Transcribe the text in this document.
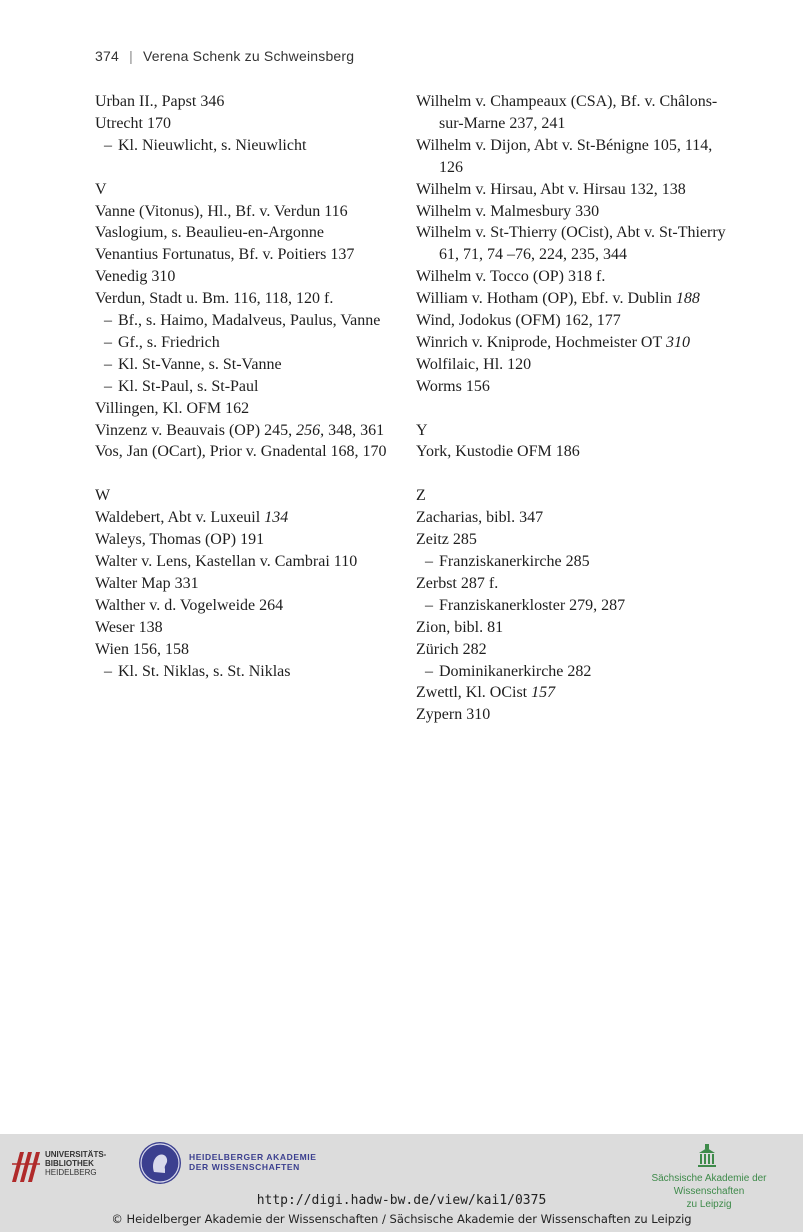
374 | Verena Schenk zu Schweinsberg
Urban II., Papst 346
Utrecht 170
– Kl. Nieuwlicht, s. Nieuwlicht
V
Vanne (Vitonus), Hl., Bf. v. Verdun 116
Vaslogium, s. Beaulieu-en-Argonne
Venantius Fortunatus, Bf. v. Poitiers 137
Venedig 310
Verdun, Stadt u. Bm. 116, 118, 120 f.
– Bf., s. Haimo, Madalveus, Paulus, Vanne
– Gf., s. Friedrich
– Kl. St-Vanne, s. St-Vanne
– Kl. St-Paul, s. St-Paul
Villingen, Kl. OFM 162
Vinzenz v. Beauvais (OP) 245, 256, 348, 361
Vos, Jan (OCart), Prior v. Gnadental 168, 170
W
Waldebert, Abt v. Luxeuil 134
Waleys, Thomas (OP) 191
Walter v. Lens, Kastellan v. Cambrai 110
Walter Map 331
Walther v. d. Vogelweide 264
Weser 138
Wien 156, 158
– Kl. St. Niklas, s. St. Niklas
Wilhelm v. Champeaux (CSA), Bf. v. Châlons-sur-Marne 237, 241
Wilhelm v. Dijon, Abt v. St-Bénigne 105, 114, 126
Wilhelm v. Hirsau, Abt v. Hirsau 132, 138
Wilhelm v. Malmesbury 330
Wilhelm v. St-Thierry (OCist), Abt v. St-Thierry 61, 71, 74 –76, 224, 235, 344
Wilhelm v. Tocco (OP) 318 f.
William v. Hotham (OP), Ebf. v. Dublin 188
Wind, Jodokus (OFM) 162, 177
Winrich v. Kniprode, Hochmeister OT 310
Wolfilaic, Hl. 120
Worms 156
Y
York, Kustodie OFM 186
Z
Zacharias, bibl. 347
Zeitz 285
– Franziskanerkirche 285
Zerbst 287 f.
– Franziskanerkloster 279, 287
Zion, bibl. 81
Zürich 282
– Dominikanerkirche 282
Zwettl, Kl. OCist 157
Zypern 310
UNIVERSITÄTS-
BIBLIOTHEK
HEIDELBERG
HEIDELBERGER AKADEMIE
DER WISSENSCHAFTEN
Sächsische Akademie der Wissenschaften
zu Leipzig
http://digi.hadw-bw.de/view/kai1/0375
© Heidelberger Akademie der Wissenschaften / Sächsische Akademie der Wissenschaften zu Leipzig
